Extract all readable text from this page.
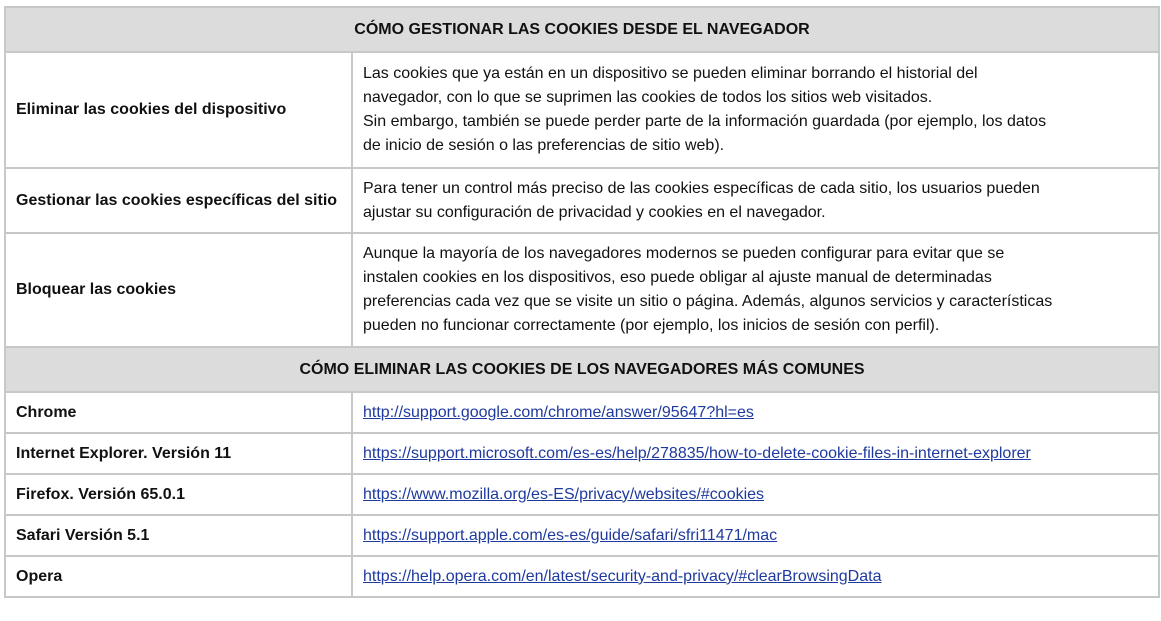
CÓMO GESTIONAR LAS COOKIES DESDE EL NAVEGADOR	
Eliminar las cookies del dispositivo	Las cookies que ya están en un dispositivo se pueden eliminar borrando el historial del
navegador, con lo que se suprimen las cookies de todos los sitios web visitados.
Sin embargo, también se puede perder parte de la información guardada (por ejemplo, los datos
de inicio de sesión o las preferencias de sitio web).

Gestionar las cookies específicas del sitio	Para tener un control más preciso de las cookies específicas de cada sitio, los usuarios pueden
ajustar su configuración de privacidad y cookies en el navegador.

Bloquear las cookies	Aunque la mayoría de los navegadores modernos se pueden configurar para evitar que se
instalen cookies en los dispositivos, eso puede obligar al ajuste manual de determinadas
preferencias cada vez que se visite un sitio o página. Además, algunos servicios y características
pueden no funcionar correctamente (por ejemplo, los inicios de sesión con perfil).

CÓMO ELIMINAR LAS COOKIES DE LOS NAVEGADORES MÁS COMUNES	
Chrome	http://support.google.com/chrome/answer/95647?hl=es
Internet Explorer. Versión 11	https://support.microsoft.com/es-es/help/278835/how-to-delete-cookie-files-in-internet-explorer
Firefox. Versión 65.0.1	https://www.mozilla.org/es-ES/privacy/websites/#cookies
Safari Versión 5.1	https://support.apple.com/es-es/guide/safari/sfri11471/mac
Opera	https://help.opera.com/en/latest/security-and-privacy/#clearBrowsingData
